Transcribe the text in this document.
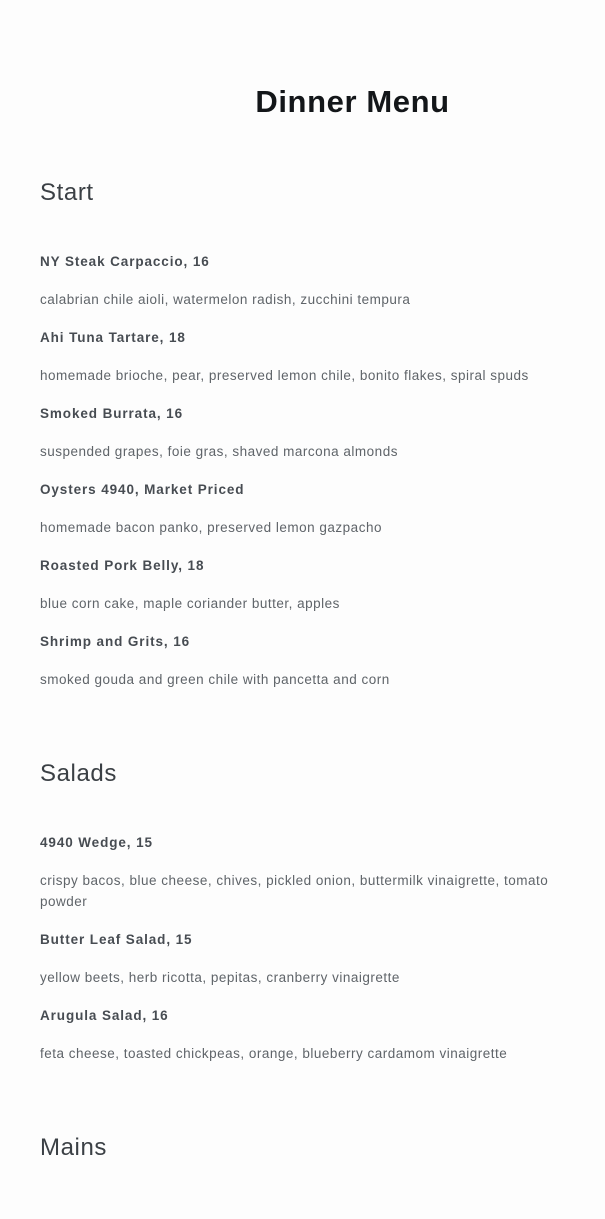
Dinner Menu
Start

NY Steak Carpaccio, 16

calabrian chile aioli, watermelon radish, zucchini tempura

Ahi Tuna Tartare, 18

homemade brioche, pear, preserved lemon chile, bonito flakes, spiral spuds

Smoked Burrata, 16

suspended grapes, foie gras, shaved marcona almonds

Oysters 4940, Market Priced

homemade bacon panko, preserved lemon gazpacho

Roasted Pork Belly, 18

blue corn cake, maple coriander butter, apples

Shrimp and Grits, 16

smoked gouda and green chile with pancetta and corn

Salads

4940 Wedge, 15

crispy bacos, blue cheese, chives, pickled onion, buttermilk vinaigrette, tomato powder

Butter Leaf Salad, 15

yellow beets, herb ricotta, pepitas, cranberry vinaigrette

Arugula Salad, 16

feta cheese, toasted chickpeas, orange, blueberry cardamom vinaigrette

Mains
